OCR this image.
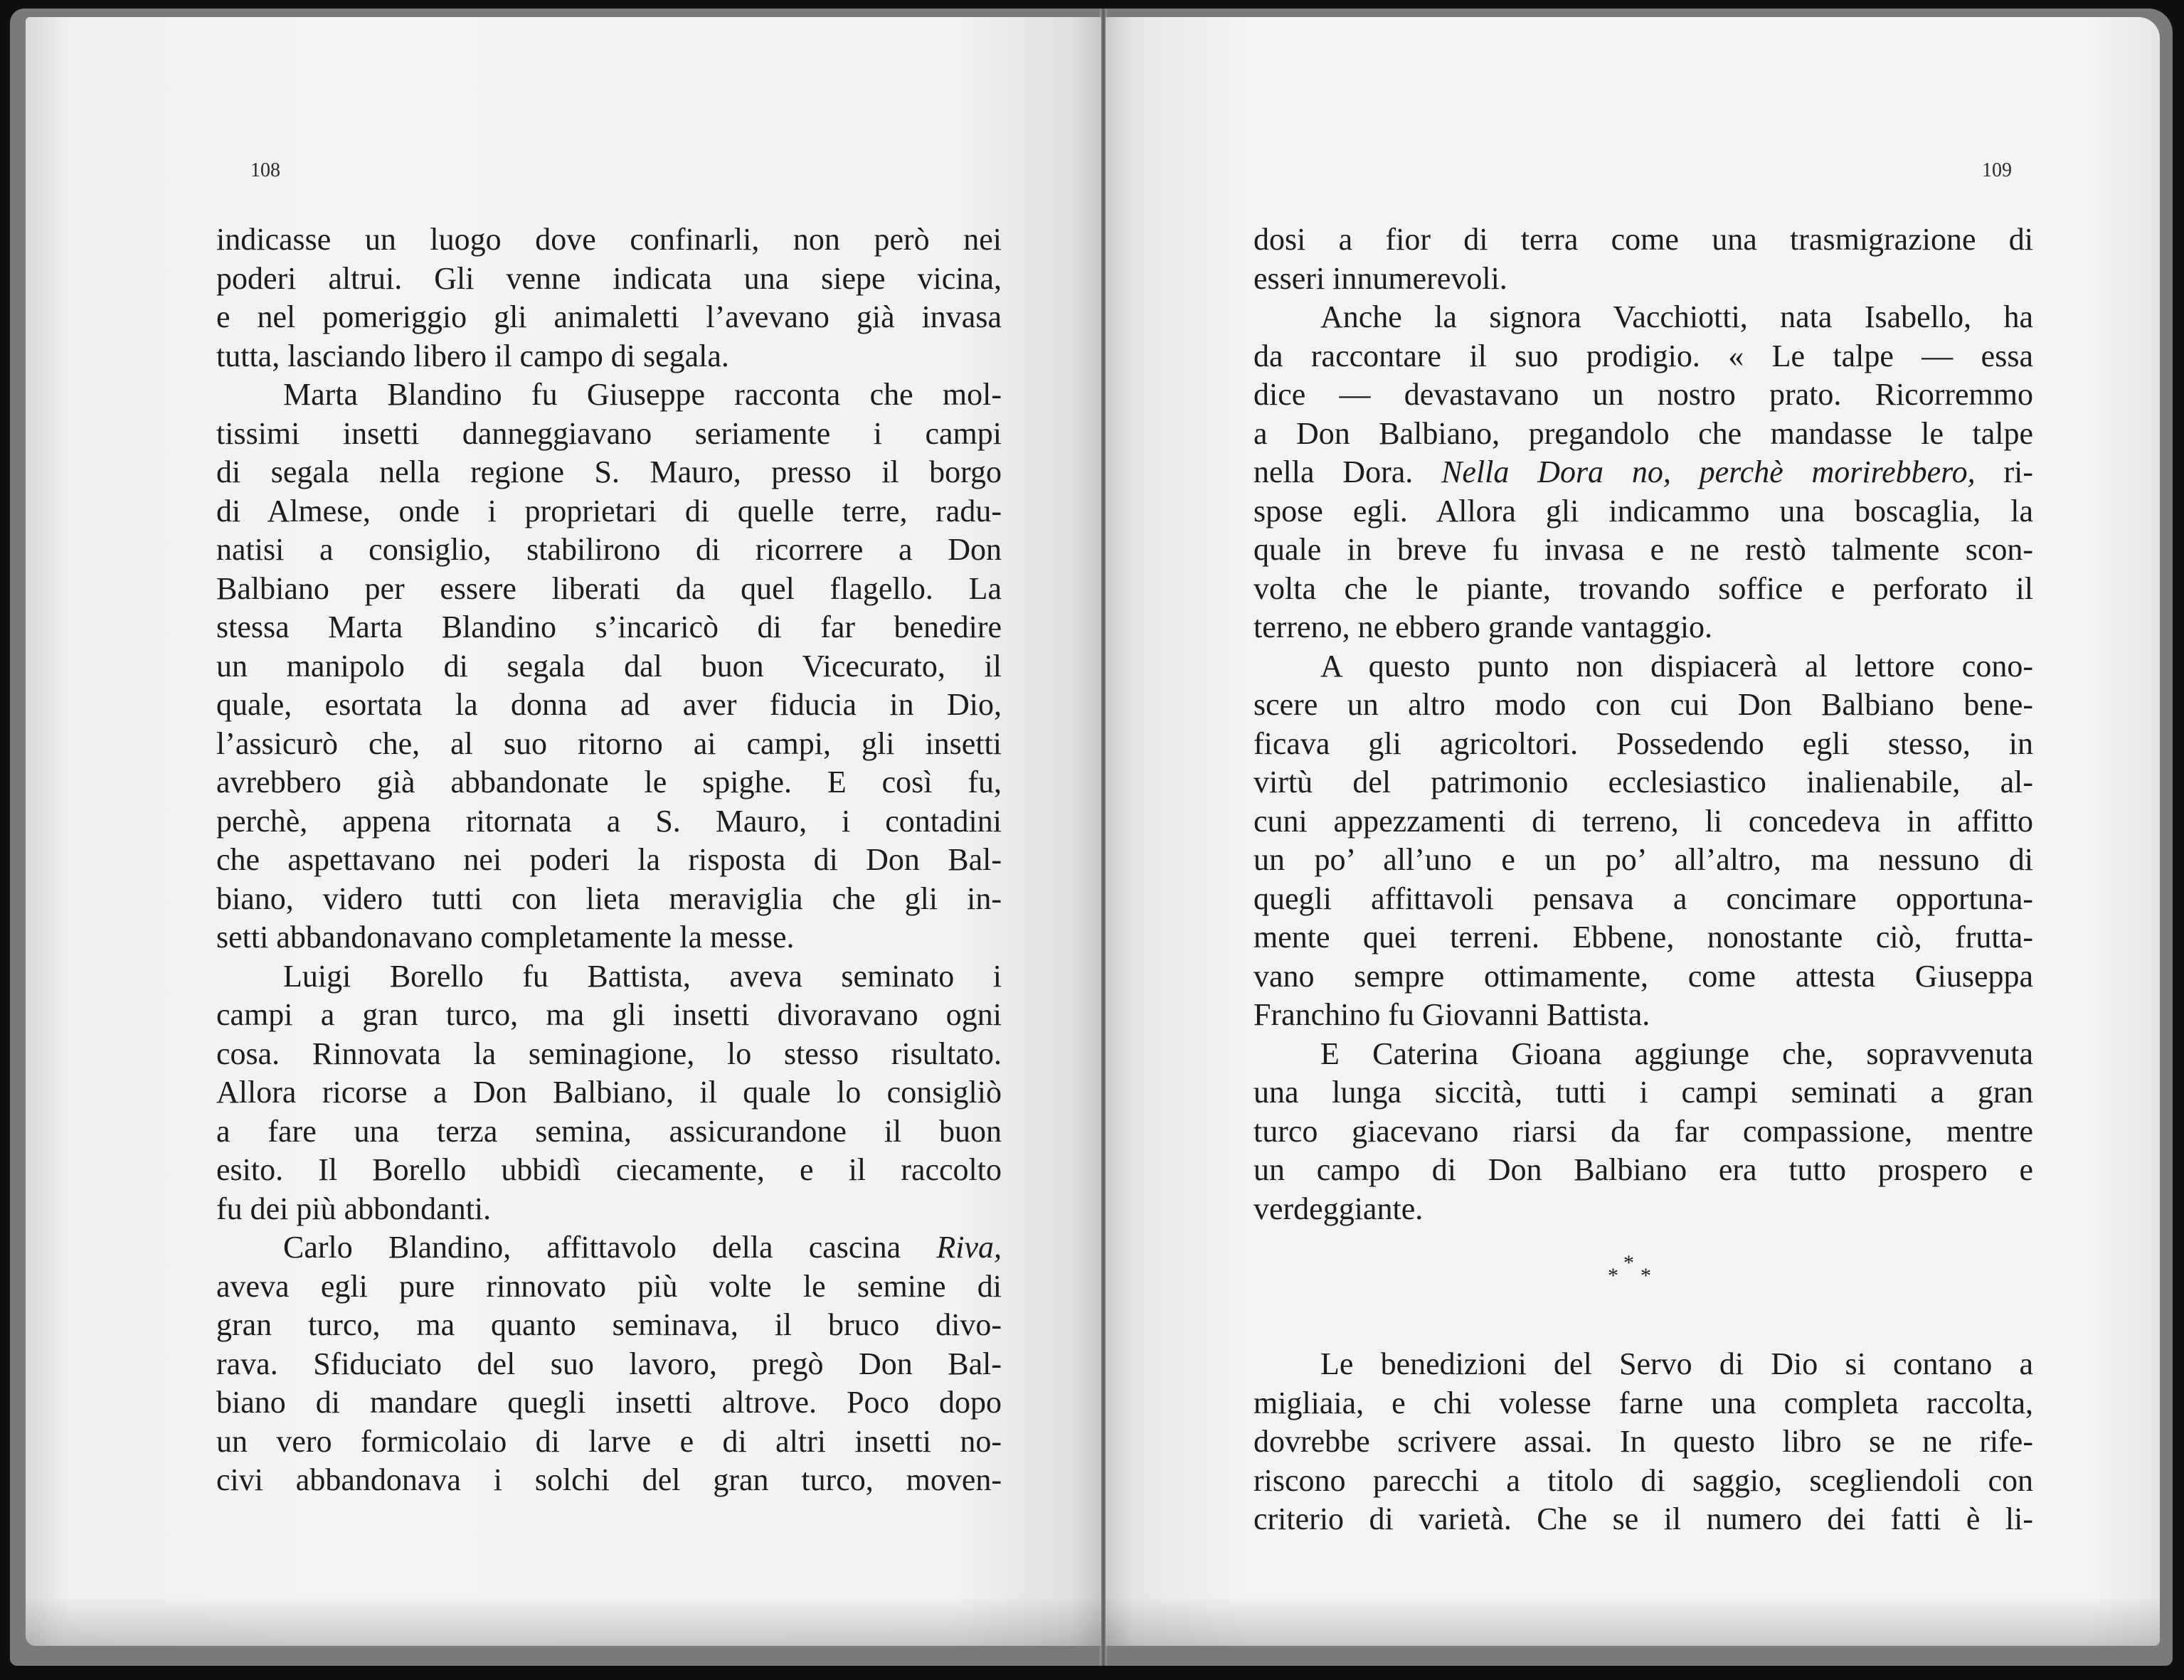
108
indicasse un luogo dove confinarli, non però nei
poderi altrui. Gli venne indicata una siepe vicina,
e nel pomeriggio gli animaletti l’avevano già invasa
tutta, lasciando libero il campo di segala.
Marta Blandino fu Giuseppe racconta che mol-
tissimi insetti danneggiavano seriamente i campi
di segala nella regione S. Mauro, presso il borgo
di Almese, onde i proprietari di quelle terre, radu-
natisi a consiglio, stabilirono di ricorrere a Don
Balbiano per essere liberati da quel flagello. La
stessa Marta Blandino s’incaricò di far benedire
un manipolo di segala dal buon Vicecurato, il
quale, esortata la donna ad aver fiducia in Dio,
l’assicurò che, al suo ritorno ai campi, gli insetti
avrebbero già abbandonate le spighe. E così fu,
perchè, appena ritornata a S. Mauro, i contadini
che aspettavano nei poderi la risposta di Don Bal-
biano, videro tutti con lieta meraviglia che gli in-
setti abbandonavano completamente la messe.
Luigi Borello fu Battista, aveva seminato i
campi a gran turco, ma gli insetti divoravano ogni
cosa. Rinnovata la seminagione, lo stesso risultato.
Allora ricorse a Don Balbiano, il quale lo consigliò
a fare una terza semina, assicurandone il buon
esito. Il Borello ubbidì ciecamente, e il raccolto
fu dei più abbondanti.
Carlo Blandino, affittavolo della cascina Riva,
aveva egli pure rinnovato più volte le semine di
gran turco, ma quanto seminava, il bruco divo-
rava. Sfiduciato del suo lavoro, pregò Don Bal-
biano di mandare quegli insetti altrove. Poco dopo
un vero formicolaio di larve e di altri insetti no-
civi abbandonava i solchi del gran turco, moven-
109
dosi a fior di terra come una trasmigrazione di
esseri innumerevoli.
Anche la signora Vacchiotti, nata Isabello, ha
da raccontare il suo prodigio. « Le talpe — essa
dice — devastavano un nostro prato. Ricorremmo
a Don Balbiano, pregandolo che mandasse le talpe
nella Dora. Nella Dora no, perchè morirebbero, ri-
spose egli. Allora gli indicammo una boscaglia, la
quale in breve fu invasa e ne restò talmente scon-
volta che le piante, trovando soffice e perforato il
terreno, ne ebbero grande vantaggio.
A questo punto non dispiacerà al lettore cono-
scere un altro modo con cui Don Balbiano bene-
ficava gli agricoltori. Possedendo egli stesso, in
virtù del patrimonio ecclesiastico inalienabile, al-
cuni appezzamenti di terreno, li concedeva in affitto
un po’ all’uno e un po’ all’altro, ma nessuno di
quegli affittavoli pensava a concimare opportuna-
mente quei terreni. Ebbene, nonostante ciò, frutta-
vano sempre ottimamente, come attesta Giuseppa
Franchino fu Giovanni Battista.
E Caterina Gioana aggiunge che, sopravvenuta
una lunga siccità, tutti i campi seminati a gran
turco giacevano riarsi da far compassione, mentre
un campo di Don Balbiano era tutto prospero e
verdeggiante.
*
* *
Le benedizioni del Servo di Dio si contano a
migliaia, e chi volesse farne una completa raccolta,
dovrebbe scrivere assai. In questo libro se ne rife-
riscono parecchi a titolo di saggio, scegliendoli con
criterio di varietà. Che se il numero dei fatti è li-
